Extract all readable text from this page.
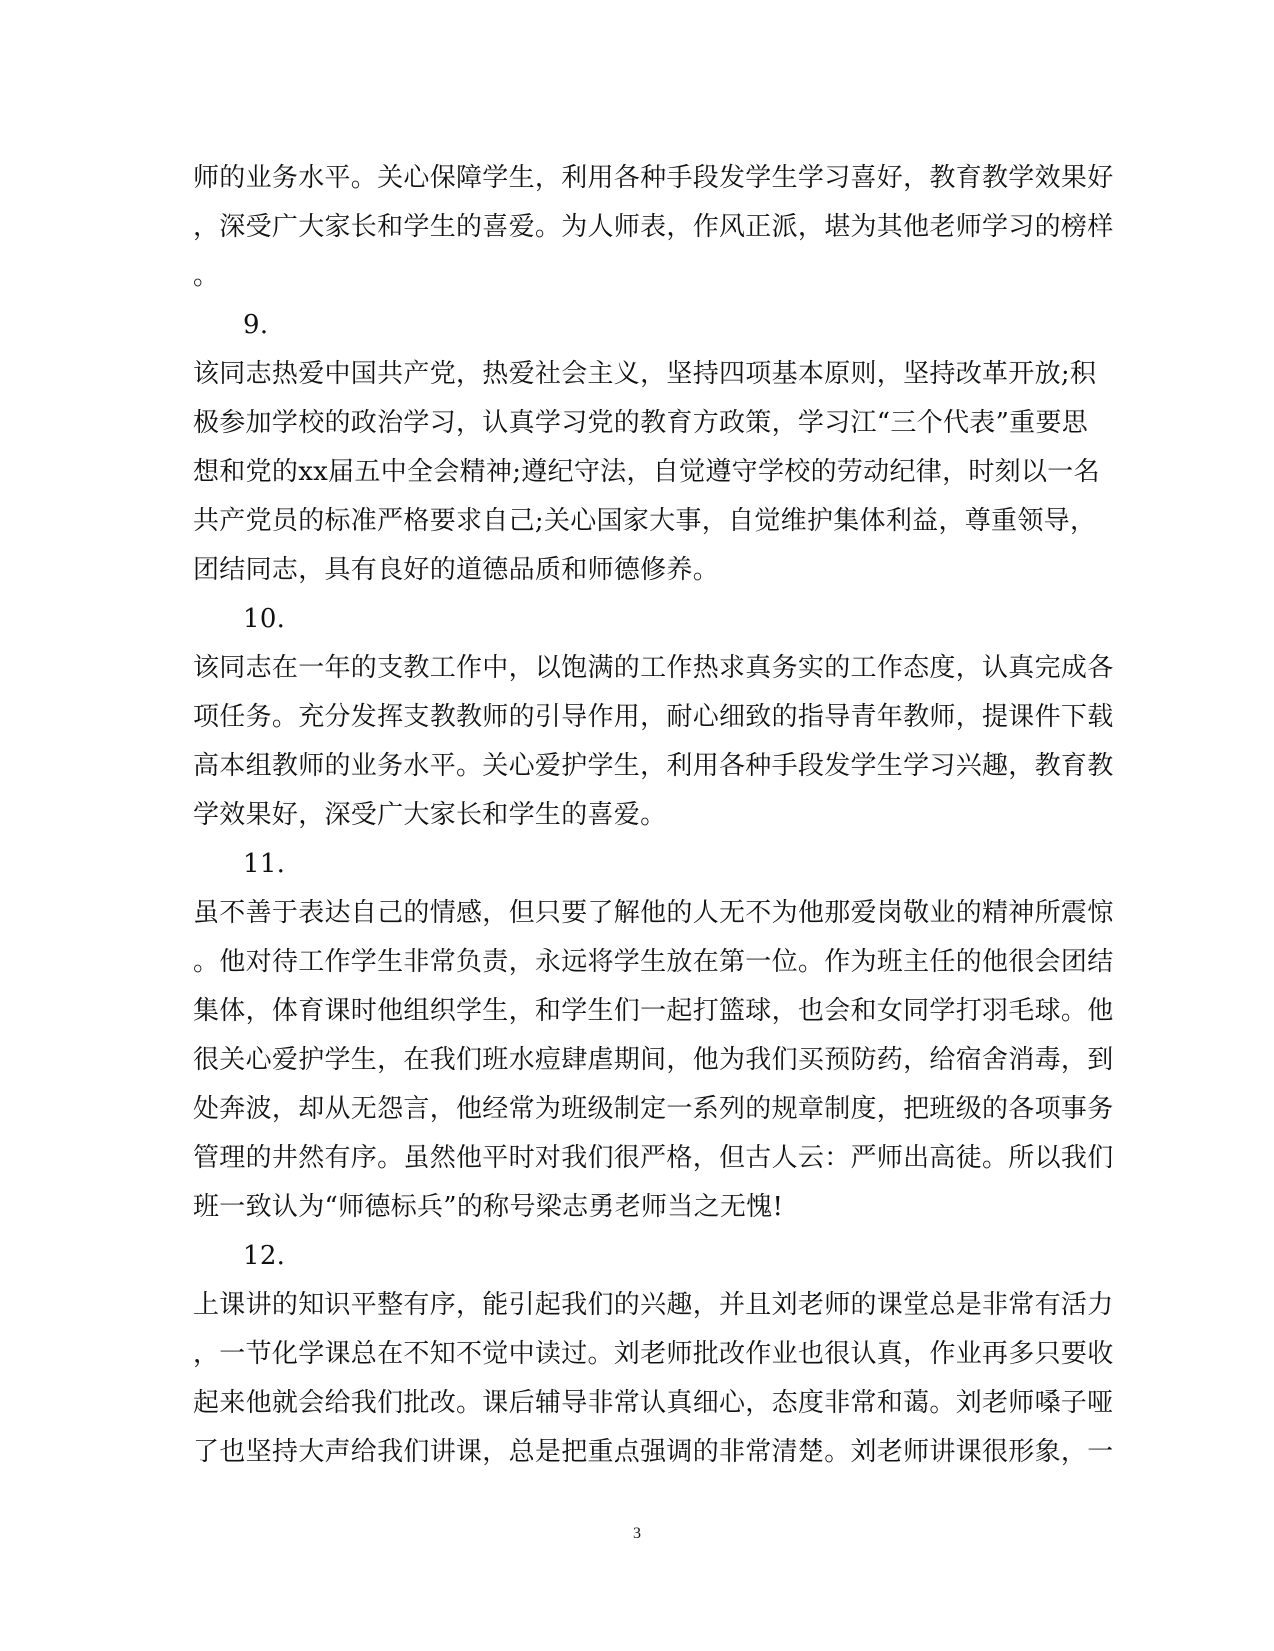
师的业务水平。关心保障学生，利用各种手段发学生学习喜好，教育教学效果好
，深受广大家长和学生的喜爱。为人师表，作风正派，堪为其他老师学习的榜样
。
9.
该同志热爱中国共产党，热爱社会主义，坚持四项基本原则，坚持改革开放;积
极参加学校的政治学习，认真学习党的教育方政策，学习江“三个代表”重要思
想和党的xx届五中全会精神;遵纪守法，自觉遵守学校的劳动纪律，时刻以一名
共产党员的标准严格要求自己;关心国家大事，自觉维护集体利益，尊重领导，
团结同志，具有良好的道德品质和师德修养。
10.
该同志在一年的支教工作中，以饱满的工作热求真务实的工作态度，认真完成各
项任务。充分发挥支教教师的引导作用，耐心细致的指导青年教师，提课件下载
高本组教师的业务水平。关心爱护学生，利用各种手段发学生学习兴趣，教育教
学效果好，深受广大家长和学生的喜爱。
11.
虽不善于表达自己的情感，但只要了解他的人无不为他那爱岗敬业的精神所震惊
。他对待工作学生非常负责，永远将学生放在第一位。作为班主任的他很会团结
集体，体育课时他组织学生，和学生们一起打篮球，也会和女同学打羽毛球。他
很关心爱护学生，在我们班水痘肆虐期间，他为我们买预防药，给宿舍消毒，到
处奔波，却从无怨言，他经常为班级制定一系列的规章制度，把班级的各项事务
管理的井然有序。虽然他平时对我们很严格，但古人云：严师出高徒。所以我们
班一致认为“师德标兵”的称号梁志勇老师当之无愧!
12.
上课讲的知识平整有序，能引起我们的兴趣，并且刘老师的课堂总是非常有活力
，一节化学课总在不知不觉中读过。刘老师批改作业也很认真，作业再多只要收
起来他就会给我们批改。课后辅导非常认真细心，态度非常和蔼。刘老师嗓子哑
了也坚持大声给我们讲课，总是把重点强调的非常清楚。刘老师讲课很形象，一
3
